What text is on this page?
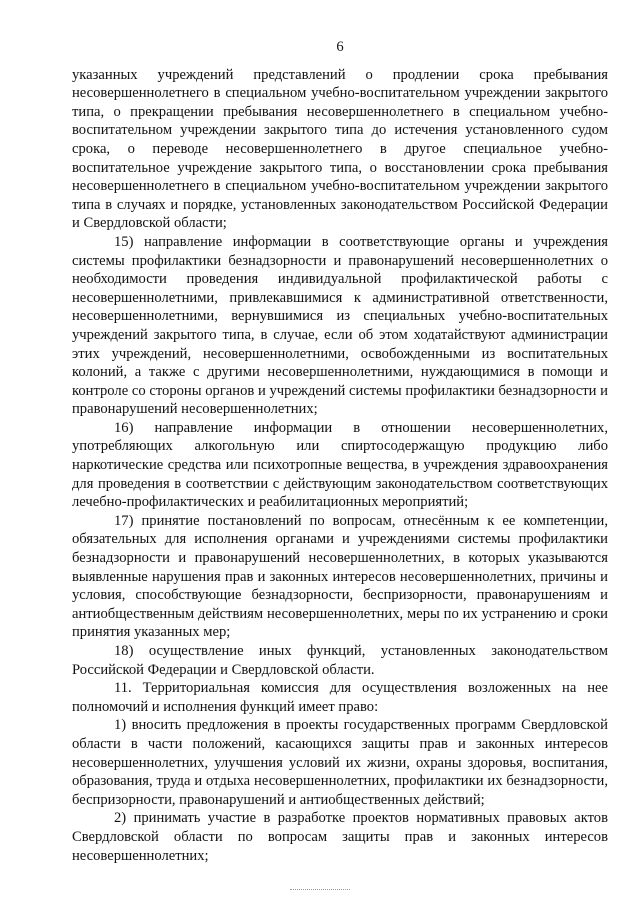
6

указанных учреждений представлений о продлении срока пребывания несовершеннолетнего в специальном учебно-воспитательном учреждении закрытого типа, о прекращении пребывания несовершеннолетнего в специальном учебно-воспитательном учреждении закрытого типа до истечения установленного судом срока, о переводе несовершеннолетнего в другое специальное учебно-воспитательное учреждение закрытого типа, о восстановлении срока пребывания несовершеннолетнего в специальном учебно-воспитательном учреждении закрытого типа в случаях и порядке, установленных законодательством Российской Федерации и Свердловской области;

15) направление информации в соответствующие органы и учреждения системы профилактики безнадзорности и правонарушений несовершеннолетних о необходимости проведения индивидуальной профилактической работы с несовершеннолетними, привлекавшимися к административной ответственности, несовершеннолетними, вернувшимися из специальных учебно-воспитательных учреждений закрытого типа, в случае, если об этом ходатайствуют администрации этих учреждений, несовершеннолетними, освобожденными из воспитательных колоний, а также с другими несовершеннолетними, нуждающимися в помощи и контроле со стороны органов и учреждений системы профилактики безнадзорности и правонарушений несовершеннолетних;

16) направление информации в отношении несовершеннолетних, употребляющих алкогольную или спиртосодержащую продукцию либо наркотические средства или психотропные вещества, в учреждения здравоохранения для проведения в соответствии с действующим законодательством соответствующих лечебно-профилактических и реабилитационных мероприятий;

17) принятие постановлений по вопросам, отнесённым к ее компетенции, обязательных для исполнения органами и учреждениями системы профилактики безнадзорности и правонарушений несовершеннолетних, в которых указываются выявленные нарушения прав и законных интересов несовершеннолетних, причины и условия, способствующие безнадзорности, беспризорности, правонарушениям и антиобщественным действиям несовершеннолетних, меры по их устранению и сроки принятия указанных мер;

18) осуществление иных функций, установленных законодательством Российской Федерации и Свердловской области.

11. Территориальная комиссия для осуществления возложенных на нее полномочий и исполнения функций имеет право:

1) вносить предложения в проекты государственных программ Свердловской области в части положений, касающихся защиты прав и законных интересов несовершеннолетних, улучшения условий их жизни, охраны здоровья, воспитания, образования, труда и отдыха несовершеннолетних, профилактики их безнадзорности, беспризорности, правонарушений и антиобщественных действий;

2) принимать участие в разработке проектов нормативных правовых актов Свердловской области по вопросам защиты прав и законных интересов несовершеннолетних;
